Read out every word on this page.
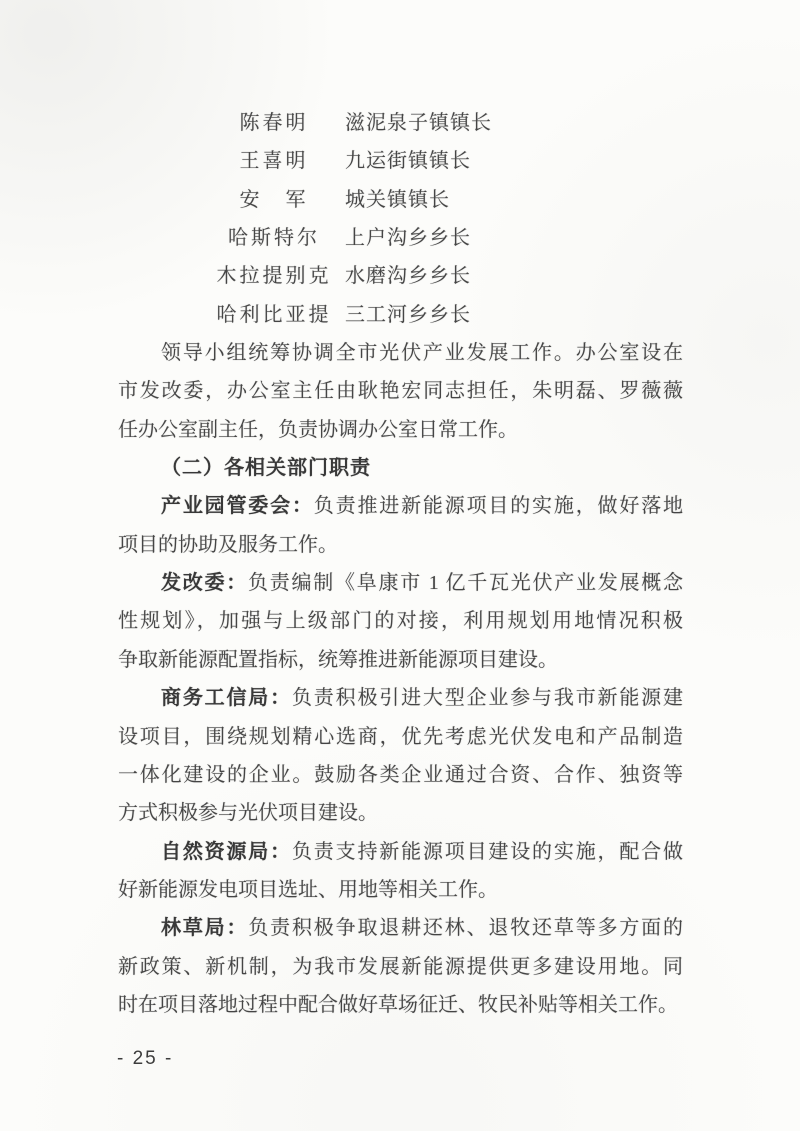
陈春明 滋泥泉子镇镇长
王喜明 九运街镇镇长
安　军 城关镇镇长
哈斯特尔 上户沟乡乡长
木拉提别克 水磨沟乡乡长
哈利比亚提 三工河乡乡长
领导小组统筹协调全市光伏产业发展工作。办公室设在
市发改委，办公室主任由耿艳宏同志担任，朱明磊、罗薇薇
任办公室副主任，负责协调办公室日常工作。
（二）各相关部门职责
产业园管委会：负责推进新能源项目的实施，做好落地
项目的协助及服务工作。
发改委：负责编制《阜康市 1 亿千瓦光伏产业发展概念
性规划》，加强与上级部门的对接，利用规划用地情况积极
争取新能源配置指标，统筹推进新能源项目建设。
商务工信局：负责积极引进大型企业参与我市新能源建
设项目，围绕规划精心选商，优先考虑光伏发电和产品制造
一体化建设的企业。鼓励各类企业通过合资、合作、独资等
方式积极参与光伏项目建设。
自然资源局：负责支持新能源项目建设的实施，配合做
好新能源发电项目选址、用地等相关工作。
林草局：负责积极争取退耕还林、退牧还草等多方面的
新政策、新机制，为我市发展新能源提供更多建设用地。同
时在项目落地过程中配合做好草场征迁、牧民补贴等相关工作。
- 25 -
